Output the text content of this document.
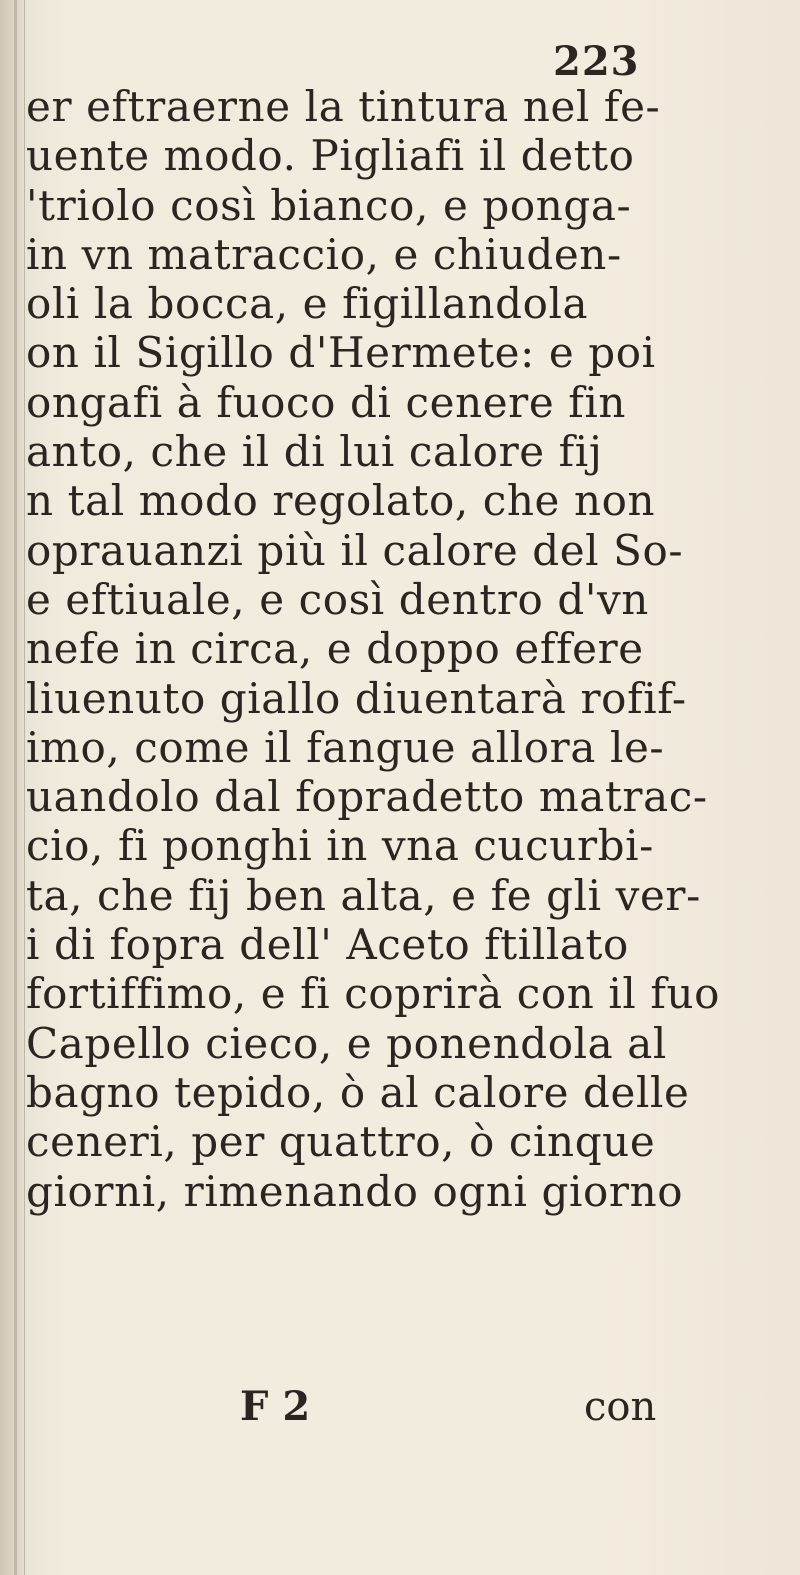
223
er eftraerne la tintura nel fe-
uente modo. Pigliafi il detto
'triolo così bianco, e ponga-
in vn matraccio, e chiuden-
oli la bocca, e figillandola
on il Sigillo d'Hermete: e poi
ongafi à fuoco di cenere fin
anto, che il di lui calore fij
n tal modo regolato, che non
oprauanzi più il calore del So-
e eftiuale, e così dentro d'vn
nefe in circa, e doppo effere
liuenuto giallo diuentarà rofif-
imo, come il fangue allora le-
uandolo dal fopradetto matrac-
cio, fi ponghi in vna cucurbi-
ta, che fij ben alta, e fe gli ver-
i di fopra dell' Aceto ftillato
fortiffimo, e fi coprirà con il fuo
Capello cieco, e ponendola al
bagno tepido, ò al calore delle
ceneri, per quattro, ò cinque
giorni, rimenando ogni giorno
F 2	con
